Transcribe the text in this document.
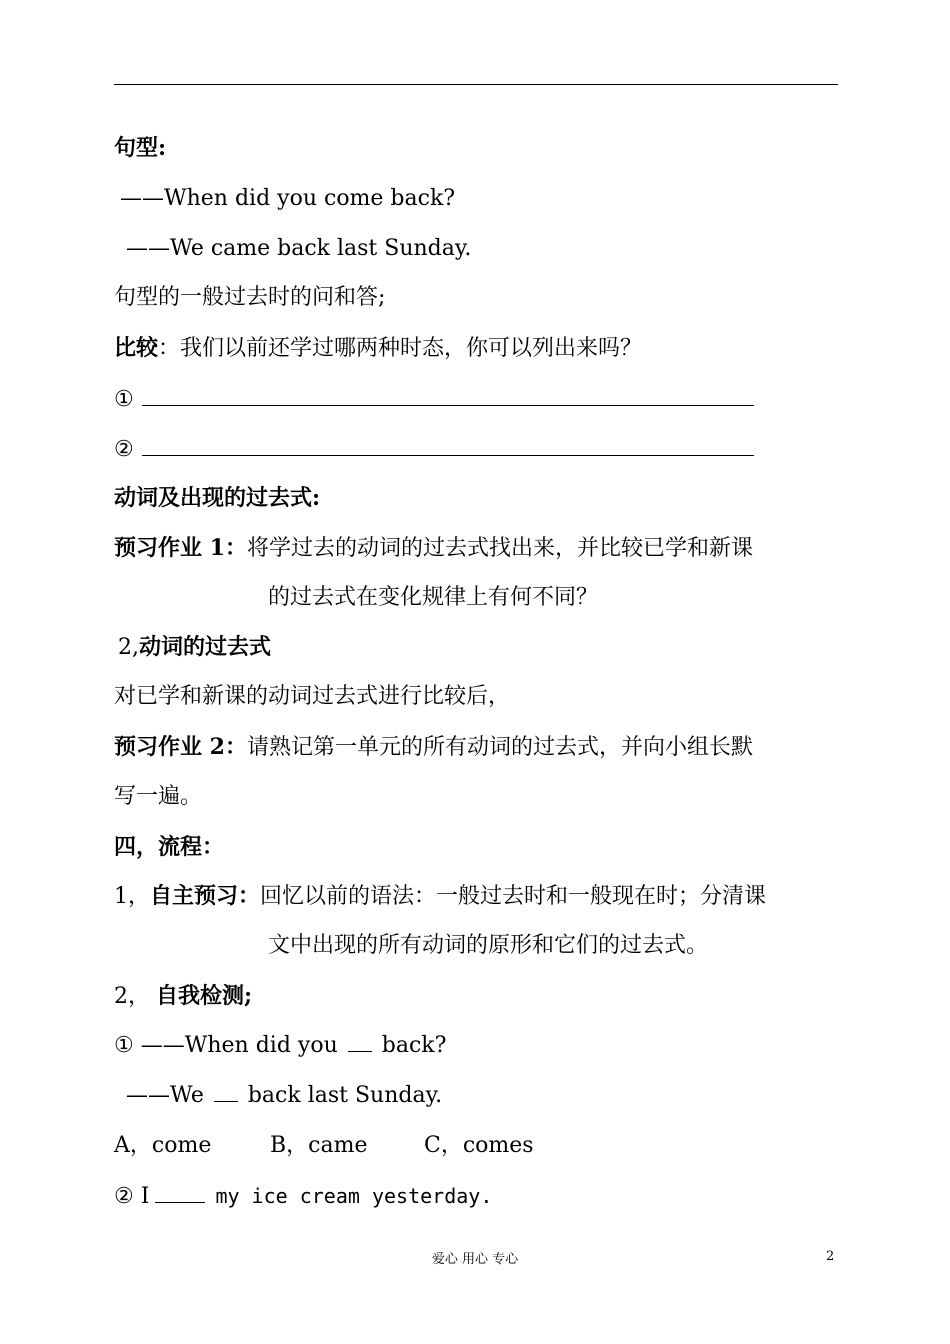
句型:
——When did you come back?
——We came back last Sunday.
句型的一般过去时的问和答;
比较：我们以前还学过哪两种时态，你可以列出来吗？
①
②
动词及出现的过去式:
预习作业 1：将学过去的动词的过去式找出来，并比较已学和新课
的过去式在变化规律上有何不同？
2,动词的过去式
对已学和新课的动词过去式进行比较后，
预习作业 2：请熟记第一单元的所有动词的过去式，并向小组长默
写一遍。
四，流程：
1，自主预习：回忆以前的语法：一般过去时和一般现在时；分清课
文中出现的所有动词的原形和它们的过去式。
2， 自我检测;
① ——When did you back?
——We back last Sunday.
A，come	B，came	C，comes
② I	my ice cream yesterday.
爱心 用心 专心	2
